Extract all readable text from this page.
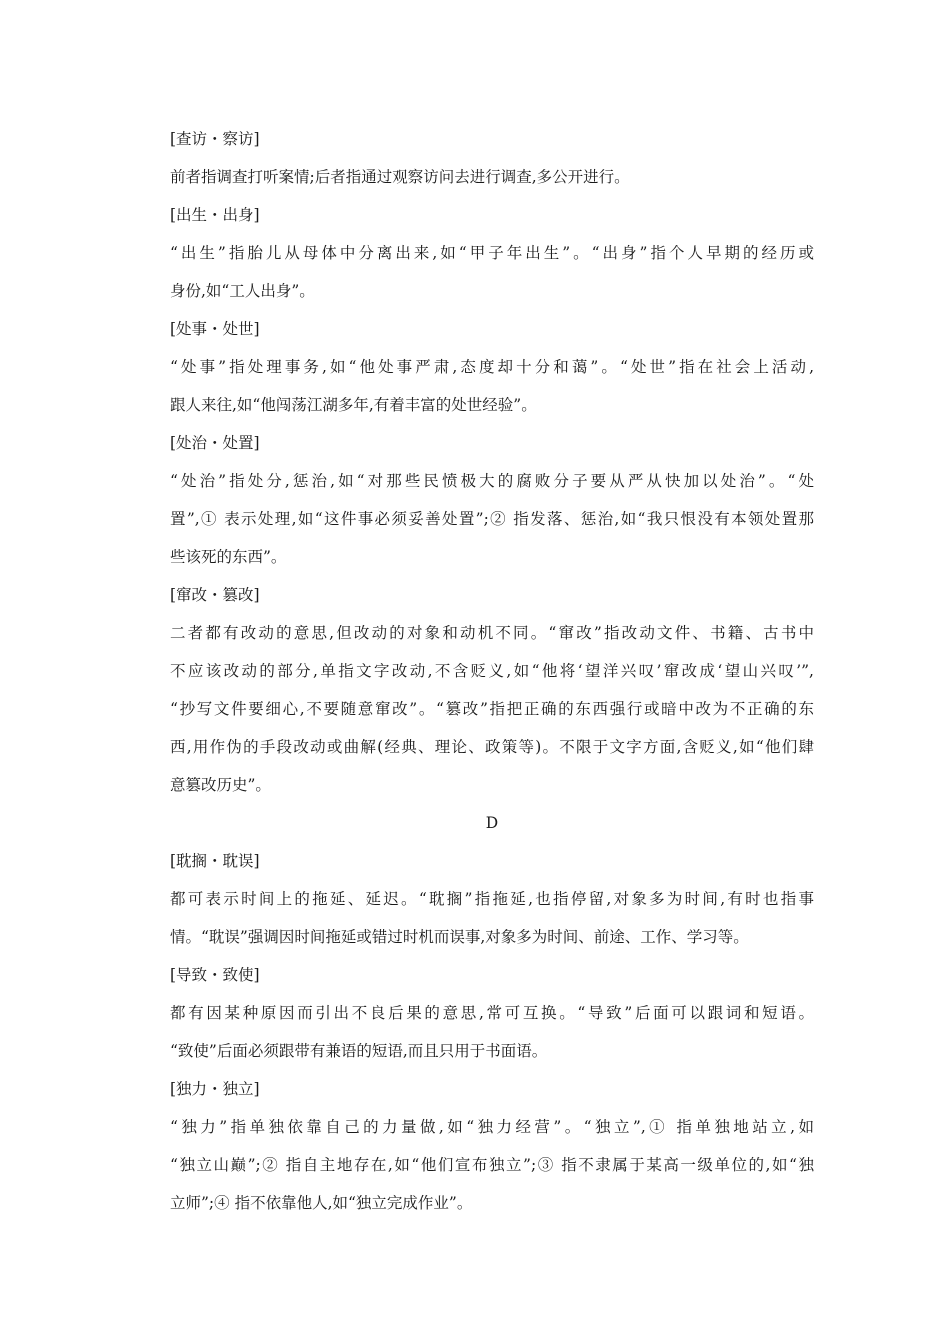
[查访・察访]

前者指调查打听案情;后者指通过观察访问去进行调查,多公开进行。

[出生・出身]

“出生”指胎儿从母体中分离出来,如“甲子年出生”。“出身”指个人早期的经历或
身份,如“工人出身”。

[处事・处世]

“处事”指处理事务,如“他处事严肃,态度却十分和蔼”。“处世”指在社会上活动,
跟人来往,如“他闯荡江湖多年,有着丰富的处世经验”。

[处治・处置]

“处治”指处分,惩治,如“对那些民愤极大的腐败分子要从严从快加以处治”。“处
置”,① 表示处理,如“这件事必须妥善处置”;② 指发落、惩治,如“我只恨没有本领处置那
些该死的东西”。

[窜改・篡改]

二者都有改动的意思,但改动的对象和动机不同。“窜改”指改动文件、书籍、古书中
不应该改动的部分,单指文字改动,不含贬义,如“他将‘望洋兴叹’窜改成‘望山兴叹’”,
“抄写文件要细心,不要随意窜改”。“篡改”指把正确的东西强行或暗中改为不正确的东
西,用作伪的手段改动或曲解(经典、理论、政策等)。不限于文字方面,含贬义,如“他们肆
意篡改历史”。

D

[耽搁・耽误]

都可表示时间上的拖延、延迟。“耽搁”指拖延,也指停留,对象多为时间,有时也指事
情。“耽误”强调因时间拖延或错过时机而误事,对象多为时间、前途、工作、学习等。

[导致・致使]

都有因某种原因而引出不良后果的意思,常可互换。“导致”后面可以跟词和短语。
“致使”后面必须跟带有兼语的短语,而且只用于书面语。

[独力・独立]

“独力”指单独依靠自己的力量做,如“独力经营”。“独立”,① 指单独地站立,如
“独立山巅”;② 指自主地存在,如“他们宣布独立”;③ 指不隶属于某高一级单位的,如“独
立师”;④ 指不依靠他人,如“独立完成作业”。
